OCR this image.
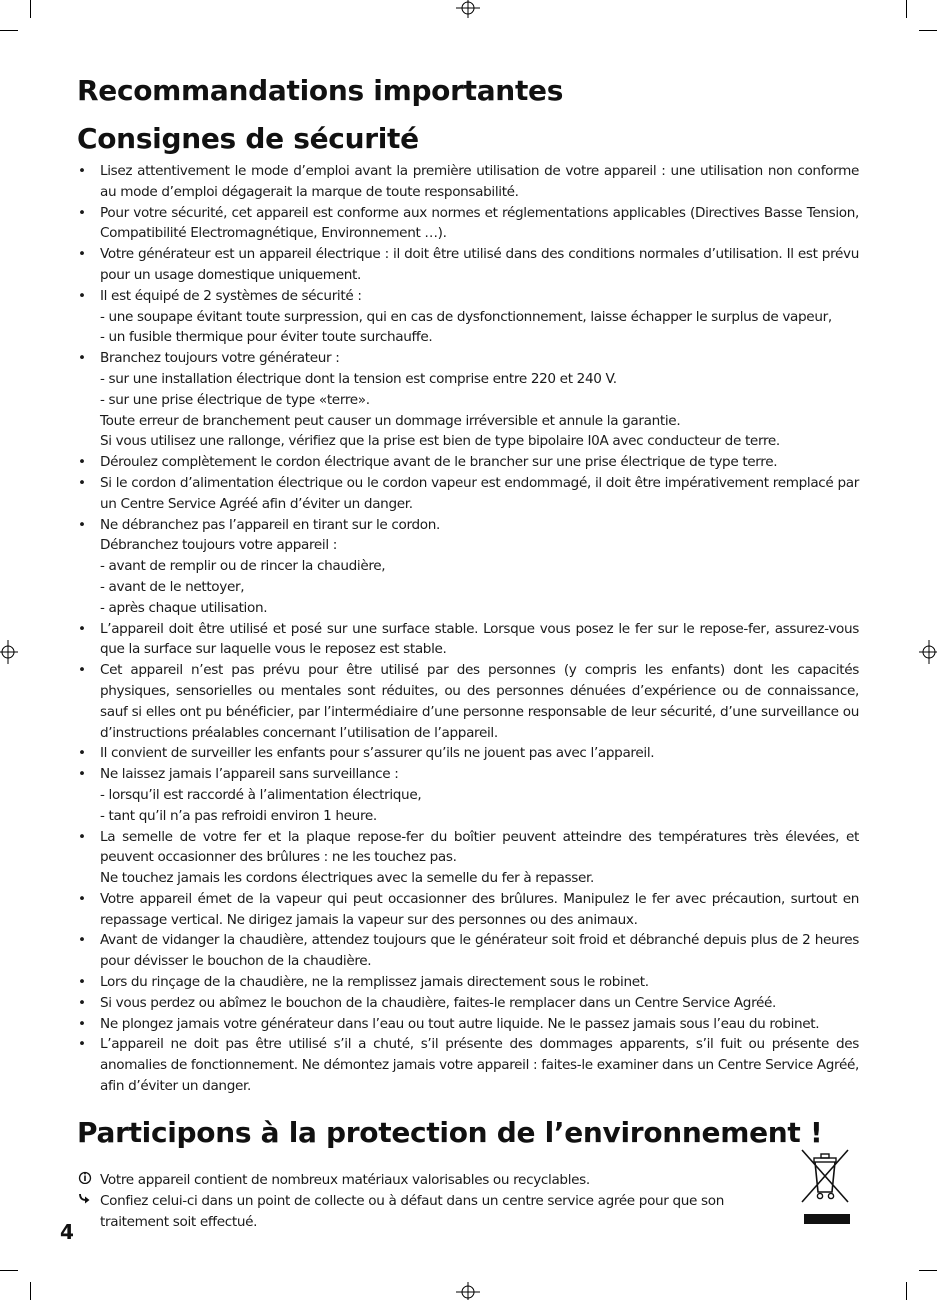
Recommandations importantes
Consignes de sécurité
• Lisez attentivement le mode d’emploi avant la première utilisation de votre appareil : une utilisation non conforme au mode d’emploi dégagerait la marque de toute responsabilité.
• Pour votre sécurité, cet appareil est conforme aux normes et réglementations applicables (Directives Basse Tension, Compatibilité Electromagnétique, Environnement …).
• Votre générateur est un appareil électrique : il doit être utilisé dans des conditions normales d’utilisation. Il est prévu pour un usage domestique uniquement.
• Il est équipé de 2 systèmes de sécurité :
- une soupape évitant toute surpression, qui en cas de dysfonctionnement, laisse échapper le surplus de vapeur,
- un fusible thermique pour éviter toute surchauffe.
• Branchez toujours votre générateur :
- sur une installation électrique dont la tension est comprise entre 220 et 240 V.
- sur une prise électrique de type «terre».
Toute erreur de branchement peut causer un dommage irréversible et annule la garantie.
Si vous utilisez une rallonge, vérifiez que la prise est bien de type bipolaire I0A avec conducteur de terre.
• Déroulez complètement le cordon électrique avant de le brancher sur une prise électrique de type terre.
• Si le cordon d’alimentation électrique ou le cordon vapeur est endommagé, il doit être impérativement remplacé par un Centre Service Agréé afin d’éviter un danger.
• Ne débranchez pas l’appareil en tirant sur le cordon.
Débranchez toujours votre appareil :
- avant de remplir ou de rincer la chaudière,
- avant de le nettoyer,
- après chaque utilisation.
• L’appareil doit être utilisé et posé sur une surface stable. Lorsque vous posez le fer sur le repose-fer, assurez-vous que la surface sur laquelle vous le reposez est stable.
• Cet appareil n’est pas prévu pour être utilisé par des personnes (y compris les enfants) dont les capacités physiques, sensorielles ou mentales sont réduites, ou des personnes dénuées d’expérience ou de connaissance, sauf si elles ont pu bénéficier, par l’intermédiaire d’une personne responsable de leur sécurité, d’une surveillance ou d’instructions préalables concernant l’utilisation de l’appareil.
• Il convient de surveiller les enfants pour s’assurer qu’ils ne jouent pas avec l’appareil.
• Ne laissez jamais l’appareil sans surveillance :
- lorsqu’il est raccordé à l’alimentation électrique,
- tant qu’il n’a pas refroidi environ 1 heure.
• La semelle de votre fer et la plaque repose-fer du boîtier peuvent atteindre des températures très élevées, et peuvent occasionner des brûlures : ne les touchez pas.
Ne touchez jamais les cordons électriques avec la semelle du fer à repasser.
• Votre appareil émet de la vapeur qui peut occasionner des brûlures. Manipulez le fer avec précaution, surtout en repassage vertical. Ne dirigez jamais la vapeur sur des personnes ou des animaux.
• Avant de vidanger la chaudière, attendez toujours que le générateur soit froid et débranché depuis plus de 2 heures pour dévisser le bouchon de la chaudière.
• Lors du rinçage de la chaudière, ne la remplissez jamais directement sous le robinet.
• Si vous perdez ou abîmez le bouchon de la chaudière, faites-le remplacer dans un Centre Service Agréé.
• Ne plongez jamais votre générateur dans l’eau ou tout autre liquide. Ne le passez jamais sous l’eau du robinet.
• L’appareil ne doit pas être utilisé s’il a chuté, s’il présente des dommages apparents, s’il fuit ou présente des anomalies de fonctionnement. Ne démontez jamais votre appareil : faites-le examiner dans un Centre Service Agréé, afin d’éviter un danger.
Participons à la protection de l’environnement !
Votre appareil contient de nombreux matériaux valorisables ou recyclables.
Confiez celui-ci dans un point de collecte ou à défaut dans un centre service agrée pour que son traitement soit effectué.
4
